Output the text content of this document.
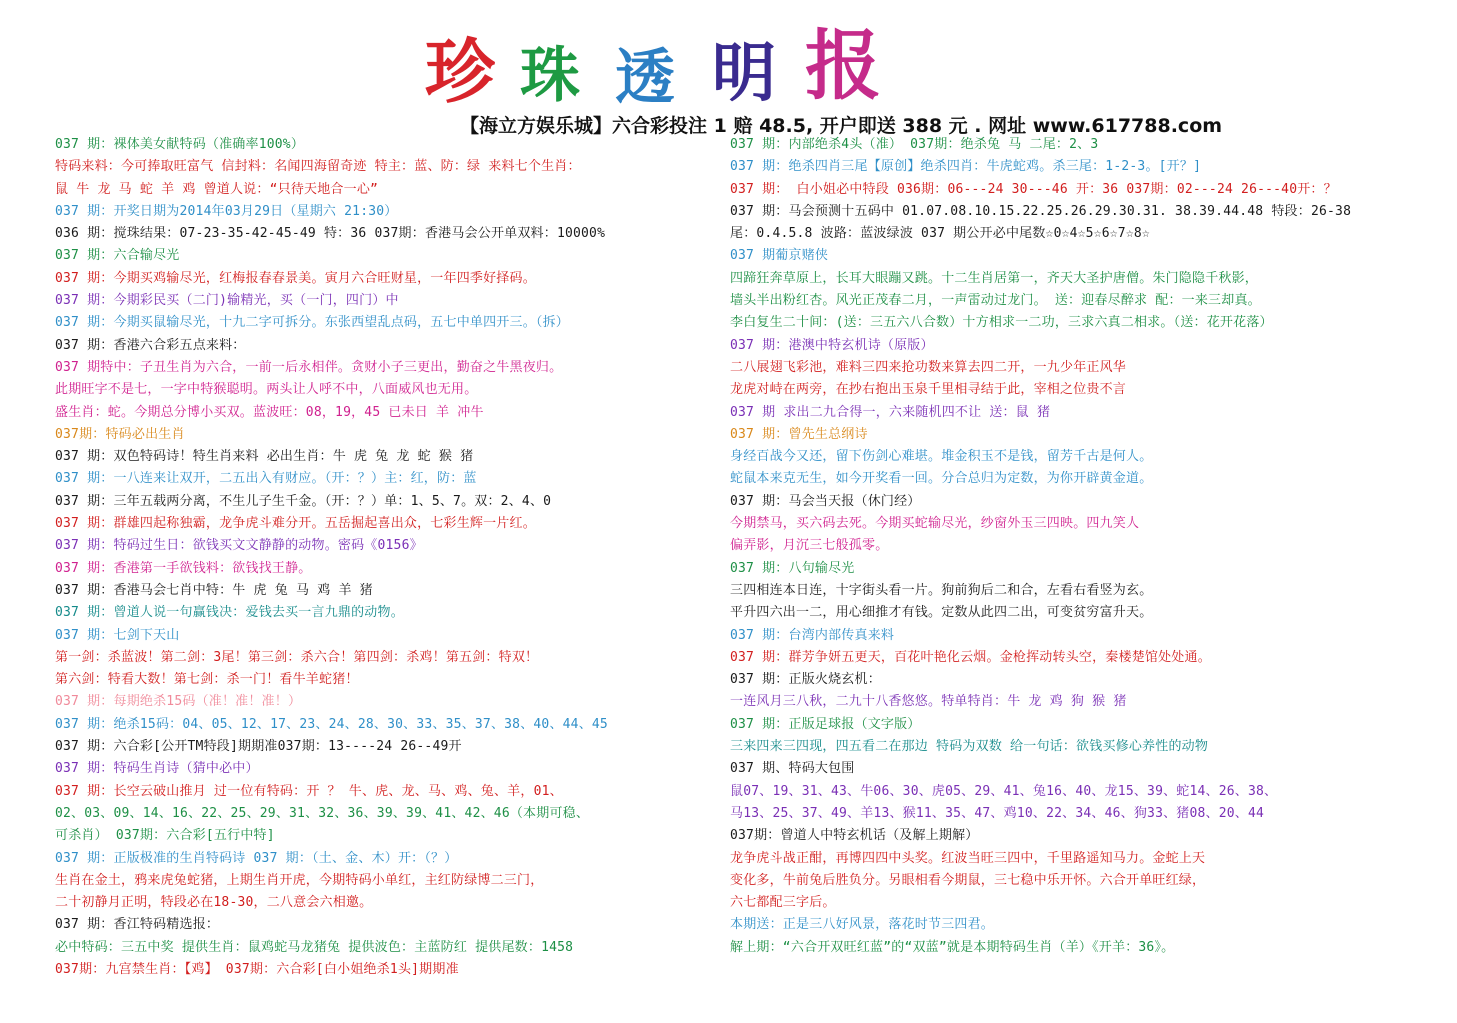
珍 珠 透 明 报
【海立方娱乐城】六合彩投注 1 赔 48.5, 开户即送 388 元 . 网址 www.617788.com
037 期：裸体美女献特码（准确率100%）
特码来料：今可捧取旺富气 信封料：名闻四海留奇迹 特主：蓝、防：绿 来料七个生肖：
鼠 牛 龙 马 蛇 羊 鸡 曾道人说：“只待天地合一心”
037 期：开奖日期为2014年03月29日（星期六 21:30）
036 期：搅珠结果：07-23-35-42-45-49 特：36 037期：香港马会公开单双料：10000%
037 期：六合输尽光
037 期：今期买鸡输尽光，红梅报春春景美。寅月六合旺财星，一年四季好择码。
037 期：今期彩民买（二门)输精光，买（一门，四门）中
037 期：今期买鼠输尽光，十九二字可拆分。东张西望乱点码，五七中单四开三。（拆）
037 期：香港六合彩五点来料：
037 期特中：子丑生肖为六合，一前一后永相伴。贪财小子三更出，勤奋之牛黑夜归。
此期旺字不是七，一字中特猴聪明。两头让人呼不中，八面威风也无用。
盛生肖：蛇。今期总分博小买双。蓝波旺：08，19，45 已未日 羊 冲牛
037期：特码必出生肖
037 期：双色特码诗！特生肖来料 必出生肖：牛 虎 兔 龙 蛇 猴 猪
037 期：一八连来让双开，二五出入有财应。（开：？）主：红，防：蓝
037 期：三年五载两分离，不生儿子生千金。（开：？）单：1、5、7。双：2、4、0
037 期：群雄四起称独霸，龙争虎斗难分开。五岳掘起喜出众，七彩生辉一片红。
037 期：特码过生日：欲钱买文文静静的动物。密码《0156》
037 期：香港第一手欲钱料：欲钱找王静。
037 期：香港马会七肖中特：牛 虎 兔 马 鸡 羊 猪
037 期：曾道人说一句赢钱决：爱钱去买一言九鼎的动物。
037 期：七剑下天山
第一剑：杀蓝波！第二剑：3尾！第三剑：杀六合！第四剑：杀鸡！第五剑：特双！
第六剑：特看大数！第七剑：杀一门！看牛羊蛇猪！
037 期：每期绝杀15码（准！准！准！）
037 期：绝杀15码：04、05、12、17、23、24、28、30、33、35、37、38、40、44、45
037 期：六合彩[公开TM特段]期期准037期：13----24 26--49开
037 期：特码生肖诗（猜中必中）
037 期：长空云破山推月 过一位有特码：开 ？ 牛、虎、龙、马、鸡、兔、羊，01、
02、03、09、14、16、22、25、29、31、32、36、39、39、41、42、46（本期可稳、
可杀肖） 037期：六合彩[五行中特]
037 期：正版极准的生肖特码诗 037 期：（土、金、木）开：（？）
生肖在金土，鸦来虎兔蛇猪，上期生肖开虎，今期特码小单红，主红防绿博二三门，
二十初静月正明，特段必在18-30，二八意会六相邀。
037 期：香江特码精选报：
必中特码：三五中奖 提供生肖：鼠鸡蛇马龙猪兔 提供波色：主蓝防红 提供尾数：1458
037期：九宫禁生肖：【鸡】 037期：六合彩[白小姐绝杀1头]期期准
037 期：内部绝杀4头（准） 037期：绝杀兔 马 二尾：2、3
037 期：绝杀四肖三尾【原创】绝杀四肖：牛虎蛇鸡。杀三尾：1-2-3。[开？]
037 期： 白小姐必中特段 036期：06---24 30---46 开：36 037期：02---24 26---40开：？
037 期：马会预测十五码中 01.07.08.10.15.22.25.26.29.30.31. 38.39.44.48 特段：26-38
尾：0.4.5.8 波路：蓝波绿波 037 期公开必中尾数☆0☆4☆5☆6☆7☆8☆
037 期葡京赌侠
四蹄狂奔草原上，长耳大眼蹦又跳。十二生肖居第一，齐天大圣护唐僧。朱门隐隐千秋影，
墙头半出粉红杏。风光正茂春二月，一声雷动过龙门。 送：迎春尽醉求 配：一来三却真。
李白复生二十间：(送：三五六八合数）十方相求一二功，三求六真二相求。（送：花开花落）
037 期：港澳中特玄机诗（原版）
二八展翅飞彩池，难料三四来抢功数来算去四二开，一九少年正风华
龙虎对峙在两旁，在抄右抱出玉泉千里相寻结于此，宰相之位贵不言
037 期 求出二九合得一，六来随机四不让 送：鼠 猪
037 期：曾先生总纲诗
身经百战今又还，留下伤剑心难堪。堆金积玉不是钱，留芳千古是何人。
蛇鼠本来克无生，如今开奖看一回。分合总归为定数，为你开辟黄金道。
037 期：马会当天报（休门经）
今期禁马，买六码去死。今期买蛇输尽光，纱窗外玉三四映。四九笑人
偏弄影，月沉三七般孤零。
037 期：八句输尽光
三四相连本日连，十字街头看一片。狗前狗后二和合，左看右看竖为玄。
平升四六出一二，用心细推才有钱。定数从此四二出，可变贫穷富升天。
037 期：台湾内部传真来料
037 期：群芳争妍五更天，百花叶艳化云烟。金枪挥动转头空，秦楼楚馆处处通。
037 期：正版火烧玄机：
一连风月三八秋，二九十八香悠悠。特单特肖：牛 龙 鸡 狗 猴 猪
037 期：正版足球报（文字版）
三来四来三四现，四五看二在那边 特码为双数 给一句话：欲钱买修心养性的动物
037 期、特码大包围
鼠07、19、31、43、牛06、30、虎05、29、41、兔16、40、龙15、39、蛇14、26、38、
马13、25、37、49、羊13、猴11、35、47、鸡10、22、34、46、狗33、猪08、20、44
037期：曾道人中特玄机话（及解上期解）
龙争虎斗战正酣，再博四四中头奖。红波当旺三四中，千里路遥知马力。金蛇上天
变化多，牛前兔后胜负分。另眼相看今期鼠，三七稳中乐开怀。六合开单旺红绿，
六七都配三字后。
本期送：正是三八好风景，落花时节三四君。
解上期：“六合开双旺红蓝”的“双蓝”就是本期特码生肖（羊）《开羊：36》。
